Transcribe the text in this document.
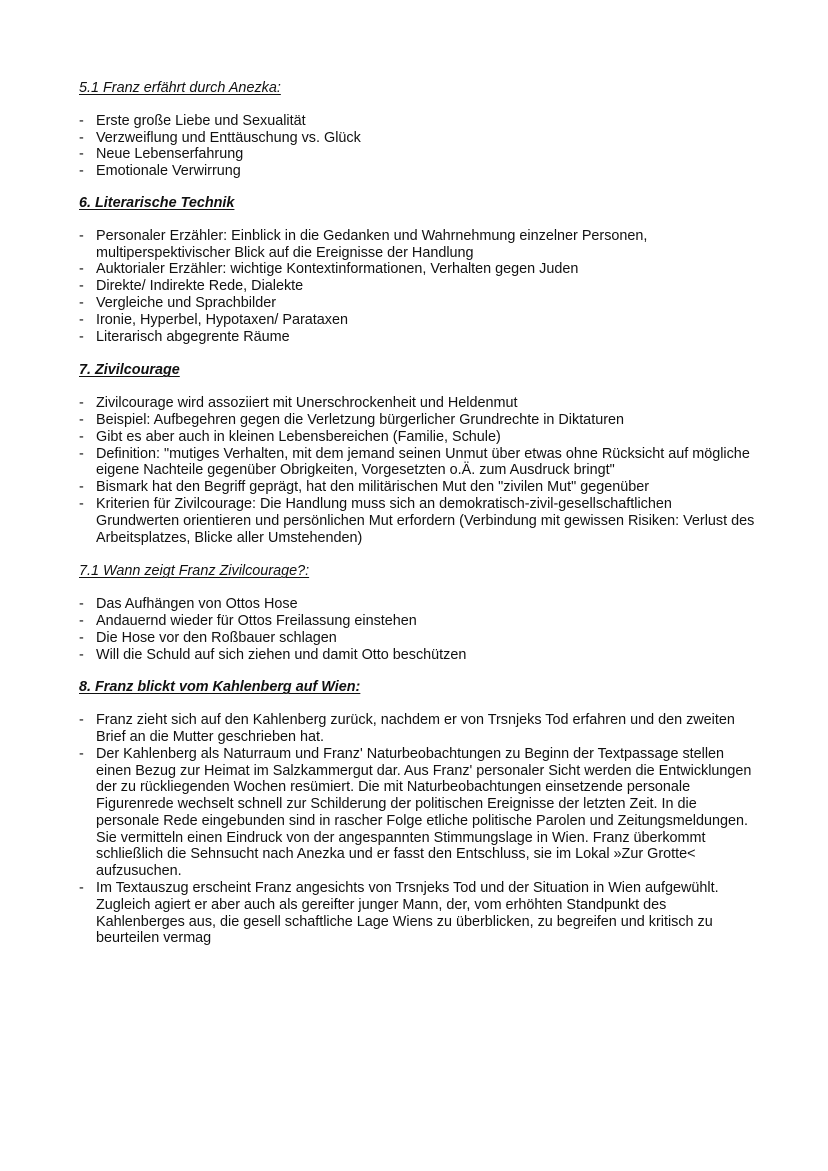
5.1 Franz erfährt durch Anezka:
- Erste große Liebe und Sexualität
- Verzweiflung und Enttäuschung vs. Glück
- Neue Lebenserfahrung
- Emotionale Verwirrung
6. Literarische Technik
- Personaler Erzähler: Einblick in die Gedanken und Wahrnehmung einzelner Personen, multiperspektivischer Blick auf die Ereignisse der Handlung
- Auktorialer Erzähler: wichtige Kontextinformationen, Verhalten gegen Juden
- Direkte/ Indirekte Rede, Dialekte
- Vergleiche und Sprachbilder
- Ironie, Hyperbel, Hypotaxen/ Parataxen
- Literarisch abgegrente Räume
7. Zivilcourage
- Zivilcourage wird assoziiert mit Unerschrockenheit und Heldenmut
- Beispiel: Aufbegehren gegen die Verletzung bürgerlicher Grundrechte in Diktaturen
- Gibt es aber auch in kleinen Lebensbereichen (Familie, Schule)
- Definition: "mutiges Verhalten, mit dem jemand seinen Unmut über etwas ohne Rücksicht auf mögliche eigene Nachteile gegenüber Obrigkeiten, Vorgesetzten o.Ä. zum Ausdruck bringt"
- Bismark hat den Begriff geprägt, hat den militärischen Mut den "zivilen Mut" gegenüber
- Kriterien für Zivilcourage: Die Handlung muss sich an demokratisch-zivil-gesellschaftlichen Grundwerten orientieren und persönlichen Mut erfordern (Verbindung mit gewissen Risiken: Verlust des Arbeitsplatzes, Blicke aller Umstehenden)
7.1 Wann zeigt Franz Zivilcourage?:
- Das Aufhängen von Ottos Hose
- Andauernd wieder für Ottos Freilassung einstehen
- Die Hose vor den Roßbauer schlagen
- Will die Schuld auf sich ziehen und damit Otto beschützen
8. Franz blickt vom Kahlenberg auf Wien:
- Franz zieht sich auf den Kahlenberg zurück, nachdem er von Trsnjeks Tod erfahren und den zweiten Brief an die Mutter geschrieben hat.
- Der Kahlenberg als Naturraum und Franz' Naturbeobachtungen zu Beginn der Textpassage stellen einen Bezug zur Heimat im Salzkammergut dar. Aus Franz' personaler Sicht werden die Entwicklungen der zu rückliegenden Wochen resümiert. Die mit Naturbeobachtungen einsetzende personale Figurenrede wechselt schnell zur Schilderung der politischen Ereignisse der letzten Zeit. In die personale Rede eingebunden sind in rascher Folge etliche politische Parolen und Zeitungsmeldungen. Sie vermitteln einen Eindruck von der angespannten Stimmungslage in Wien. Franz überkommt schließlich die Sehnsucht nach Anezka und er fasst den Entschluss, sie im Lokal »Zur Grotte< aufzusuchen.
- Im Textauszug erscheint Franz angesichts von Trsnjeks Tod und der Situation in Wien aufgewühlt. Zugleich agiert er aber auch als gereifter junger Mann, der, vom erhöhten Standpunkt des Kahlenberges aus, die gesell schaftliche Lage Wiens zu überblicken, zu begreifen und kritisch zu beurteilen vermag
